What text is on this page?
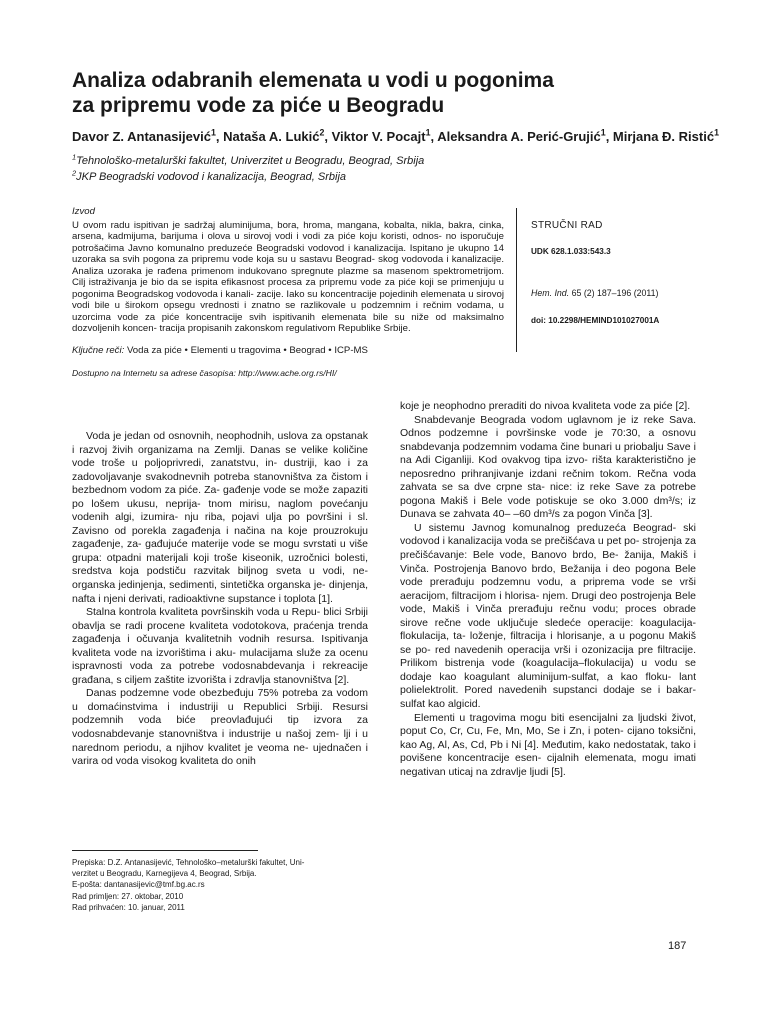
Analiza odabranih elemenata u vodi u pogonima
za pripremu vode za piće u Beogradu
Davor Z. Antanasijević$^1$, Nataša A. Lukić$^2$, Viktor V. Pocajt$^1$, Aleksandra A. Perić-Grujić$^1$, Mirjana Đ. Ristić$^1$
$^1$Tehnološko-metalurški fakultet, Univerzitet u Beogradu, Beograd, Srbija
$^2$JKP Beogradski vodovod i kanalizacija, Beograd, Srbija
Izvod

U ovom radu ispitivan je sadržaj aluminijuma, bora, hroma, mangana, kobalta, nikla, bakra, cinka, arsena, kadmijuma, barijuma i olova u sirovoj vodi i vodi za piće koju koristi, odnos- no isporučuje potrošačima Javno komunalno preduzeće Beogradski vodovod i kanalizacija. Ispitano je ukupno 14 uzoraka sa svih pogona za pripremu vode koja su u sastavu Beograd- skog vodovoda i kanalizacije. Analiza uzoraka je rađena primenom indukovano spregnute plazme sa masenom spektrometrijom. Cilj istraživanja je bio da se ispita efikasnost procesa za pripremu vode za piće koji se primenjuju u pogonima Beogradskog vodovoda i kanali- zacije. Iako su koncentracije pojedinih elemenata u sirovoj vodi bile u širokom opsegu vrednosti i znatno se razlikovale u podzemnim i rečnim vodama, u uzorcima vode za piće koncentracije svih ispitivanih elemenata bile su niže od maksimalno dozvoljenih koncen- tracija propisanih zakonskom regulativom Republike Srbije.

Ključne reči: Voda za piće • Elementi u tragovima • Beograd • ICP-MS
Dostupno na Internetu sa adrese časopisa: http://www.ache.org.rs/HI/
STRUČNI RAD
UDK 628.1.033:543.3
Hem. Ind. 65 (2) 187–196 (2011)
doi: 10.2298/HEMIND101027001A

Voda je jedan od osnovnih, neophodnih, uslova za opstanak i razvoj živih organizama na Zemlji. Danas se velike količine vode troše u poljoprivredi, zanatstvu, in- dustriji, kao i za zadovoljavanje svakodnevnih potreba stanovništva za čistom i bezbednom vodom za piće. Za- gađenje vode se može zapaziti po lošem ukusu, neprija- tnom mirisu, naglom povećanju vodenih algi, izumira- nju riba, pojavi ulja po površini i sl. Zavisno od porekla zagađenja i načina na koje prouzrokuju zagađenje, za- gađujuće materije vode se mogu svrstati u više grupa: otpadni materijali koji troše kiseonik, uzročnici bolesti, sredstva koja podstiču razvitak biljnog sveta u vodi, ne- organska jedinjenja, sedimenti, sintetička organska je- dinjenja, nafta i njeni derivati, radioaktivne supstance i toplota [1].

Stalna kontrola kvaliteta površinskih voda u Repu- blici Srbiji obavlja se radi procene kvaliteta vodotokova, praćenja trenda zagađenja i očuvanja kvalitetnih vodnih resursa. Ispitivanja kvaliteta vode na izvorištima i aku- mulacijama služe za ocenu ispravnosti voda za potrebe vodosnabdevanja i rekreacije građana, s ciljem zaštite izvorišta i zdravlja stanovništva [2].

Danas podzemne vode obezbeđuju 75% potreba za vodom u domaćinstvima i industriji u Republici Srbiji. Resursi podzemnih voda biće preovlađujući tip izvora za vodosnabdevanje stanovništva i industrije u našoj zem- lji i u narednom periodu, a njihov kvalitet je veoma ne- ujednačen i varira od voda visokog kvaliteta do onih

koje je neophodno preraditi do nivoa kvaliteta vode za piće [2].

Snabdevanje Beograda vodom uglavnom je iz reke Sava. Odnos podzemne i površinske vode je 70:30, a osnovu snabdevanja podzemnim vodama čine bunari u priobalju Save i na Adi Ciganliji. Kod ovakvog tipa izvo- rišta karakteristično je neposredno prihranjivanje izdani rečnim tokom. Rečna voda zahvata se sa dve crpne sta- nice: iz reke Save za potrebe pogona Makiš i Bele vode potiskuje se oko 3.000 dm³/s; iz Dunava se zahvata 40– –60 dm³/s za pogon Vinča [3].

U sistemu Javnog komunalnog preduzeća Beograd- ski vodovod i kanalizacija voda se prečišćava u pet po- strojenja za prečišćavanje: Bele vode, Banovo brdo, Be- žanija, Makiš i Vinča. Postrojenja Banovo brdo, Bežanija i deo pogona Bele vode prerađuju podzemnu vodu, a priprema vode se vrši aeracijom, filtracijom i hlorisa- njem. Drugi deo postrojenja Bele vode, Makiš i Vinča prerađuju rečnu vodu; proces obrade sirove rečne vode uključuje sledeće operacije: koagulacija-flokulacija, ta- loženje, filtracija i hlorisanje, a u pogonu Makiš se po- red navedenih operacija vrši i ozonizacija pre filtracije. Prilikom bistrenja vode (koagulacija–flokulacija) u vodu se dodaje kao koagulant aluminijum-sulfat, a kao floku- lant polielektrolit. Pored navedenih supstanci dodaje se i bakar-sulfat kao algicid.

Elementi u tragovima mogu biti esencijalni za ljudski život, poput Co, Cr, Cu, Fe, Mn, Mo, Se i Zn, i poten- cijano toksični, kao Ag, Al, As, Cd, Pb i Ni [4]. Međutim, kako nedostatak, tako i povišene koncentracije esen- cijalnih elemenata, mogu imati negativan uticaj na zdravlje ljudi [5].

Prepiska: D.Z. Antanasijević, Tehnološko–metalurški fakultet, Uni-
verzitet u Beogradu, Karnegijeva 4, Beograd, Srbija.
E-pošta: dantanasijevic@tmf.bg.ac.rs
Rad primljen: 27. oktobar, 2010
Rad prihvaćen: 10. januar, 2011
187
